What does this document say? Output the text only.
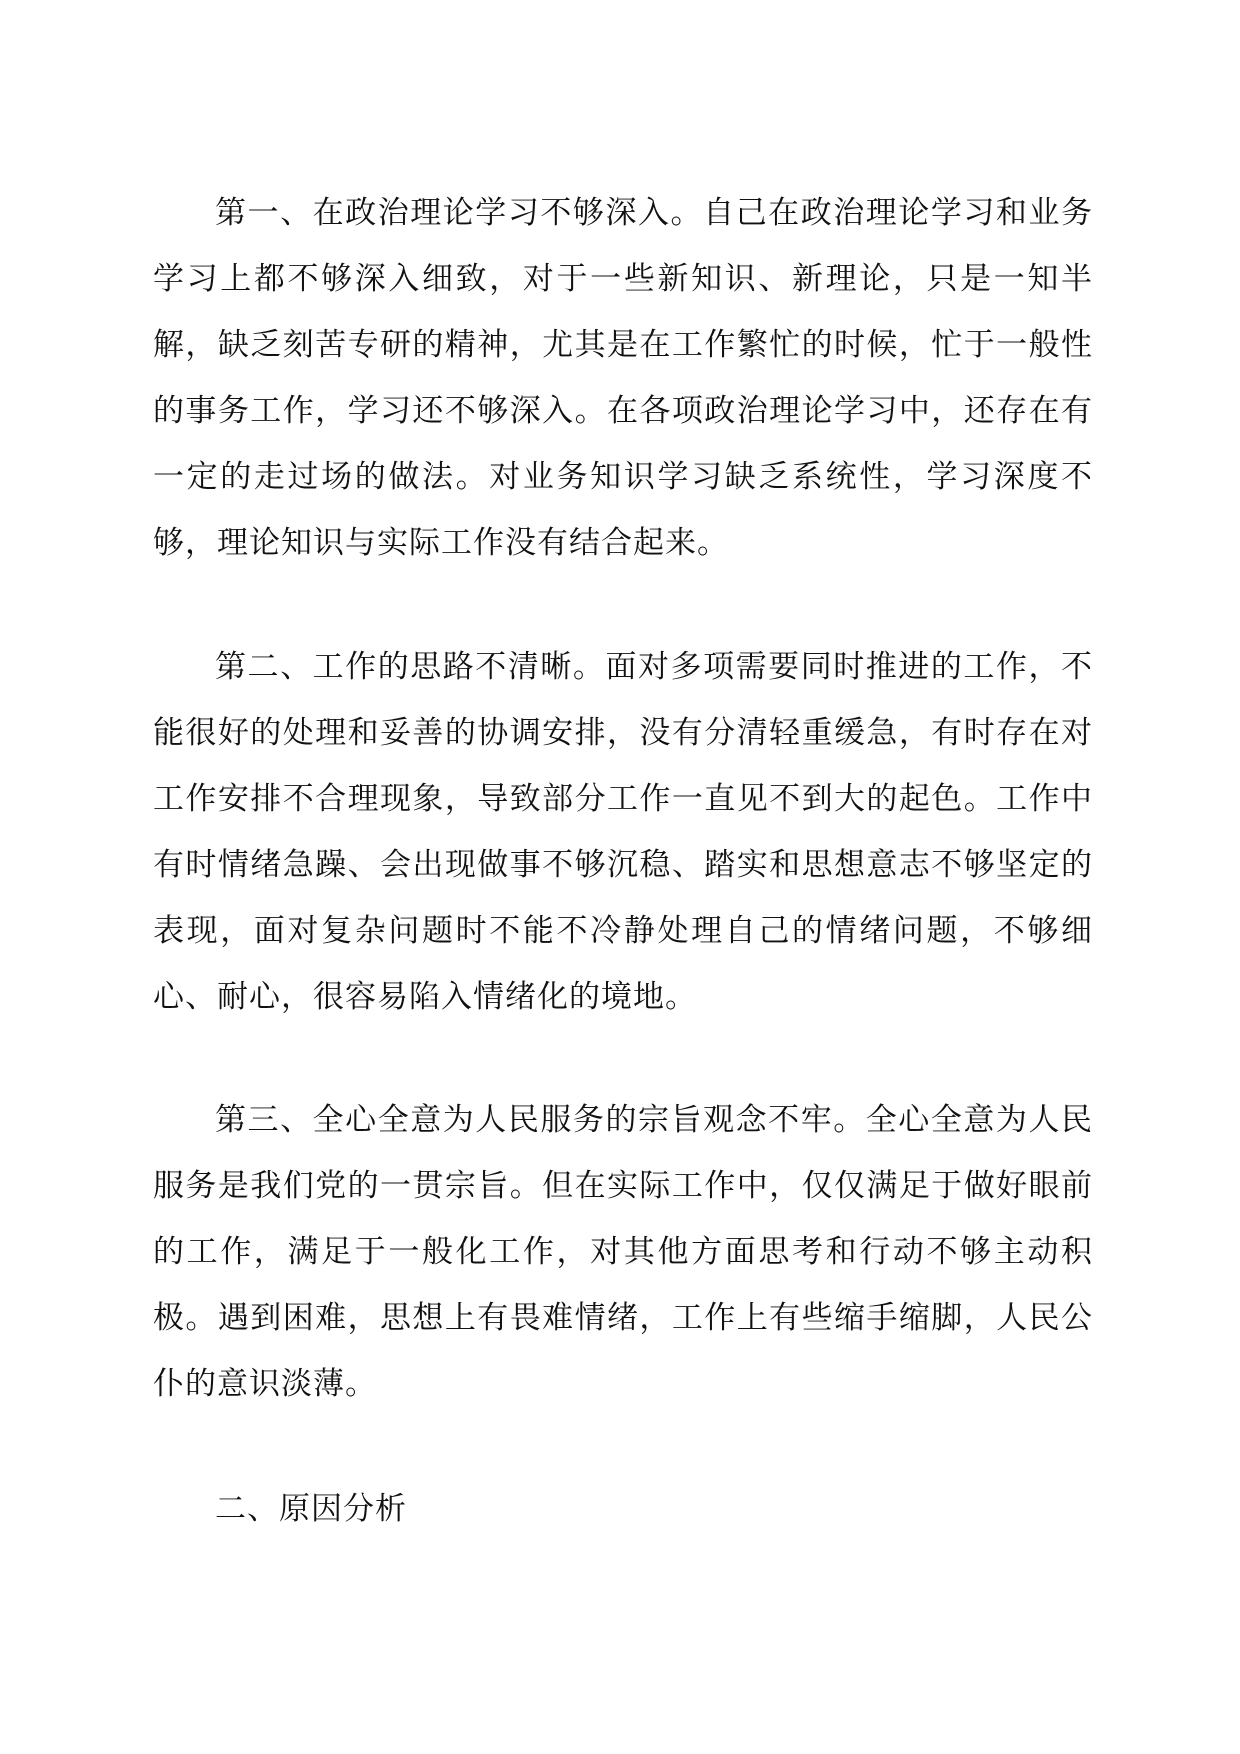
第一、在政治理论学习不够深入。自己在政治理论学习和业务学习上都不够深入细致，对于一些新知识、新理论，只是一知半解，缺乏刻苦专研的精神，尤其是在工作繁忙的时候，忙于一般性的事务工作，学习还不够深入。在各项政治理论学习中，还存在有一定的走过场的做法。对业务知识学习缺乏系统性，学习深度不够，理论知识与实际工作没有结合起来。

第二、工作的思路不清晰。面对多项需要同时推进的工作，不能很好的处理和妥善的协调安排，没有分清轻重缓急，有时存在对工作安排不合理现象，导致部分工作一直见不到大的起色。工作中有时情绪急躁、会出现做事不够沉稳、踏实和思想意志不够坚定的表现，面对复杂问题时不能不冷静处理自己的情绪问题，不够细心、耐心，很容易陷入情绪化的境地。

第三、全心全意为人民服务的宗旨观念不牢。全心全意为人民服务是我们党的一贯宗旨。但在实际工作中，仅仅满足于做好眼前的工作，满足于一般化工作，对其他方面思考和行动不够主动积极。遇到困难，思想上有畏难情绪，工作上有些缩手缩脚，人民公仆的意识淡薄。

二、原因分析
